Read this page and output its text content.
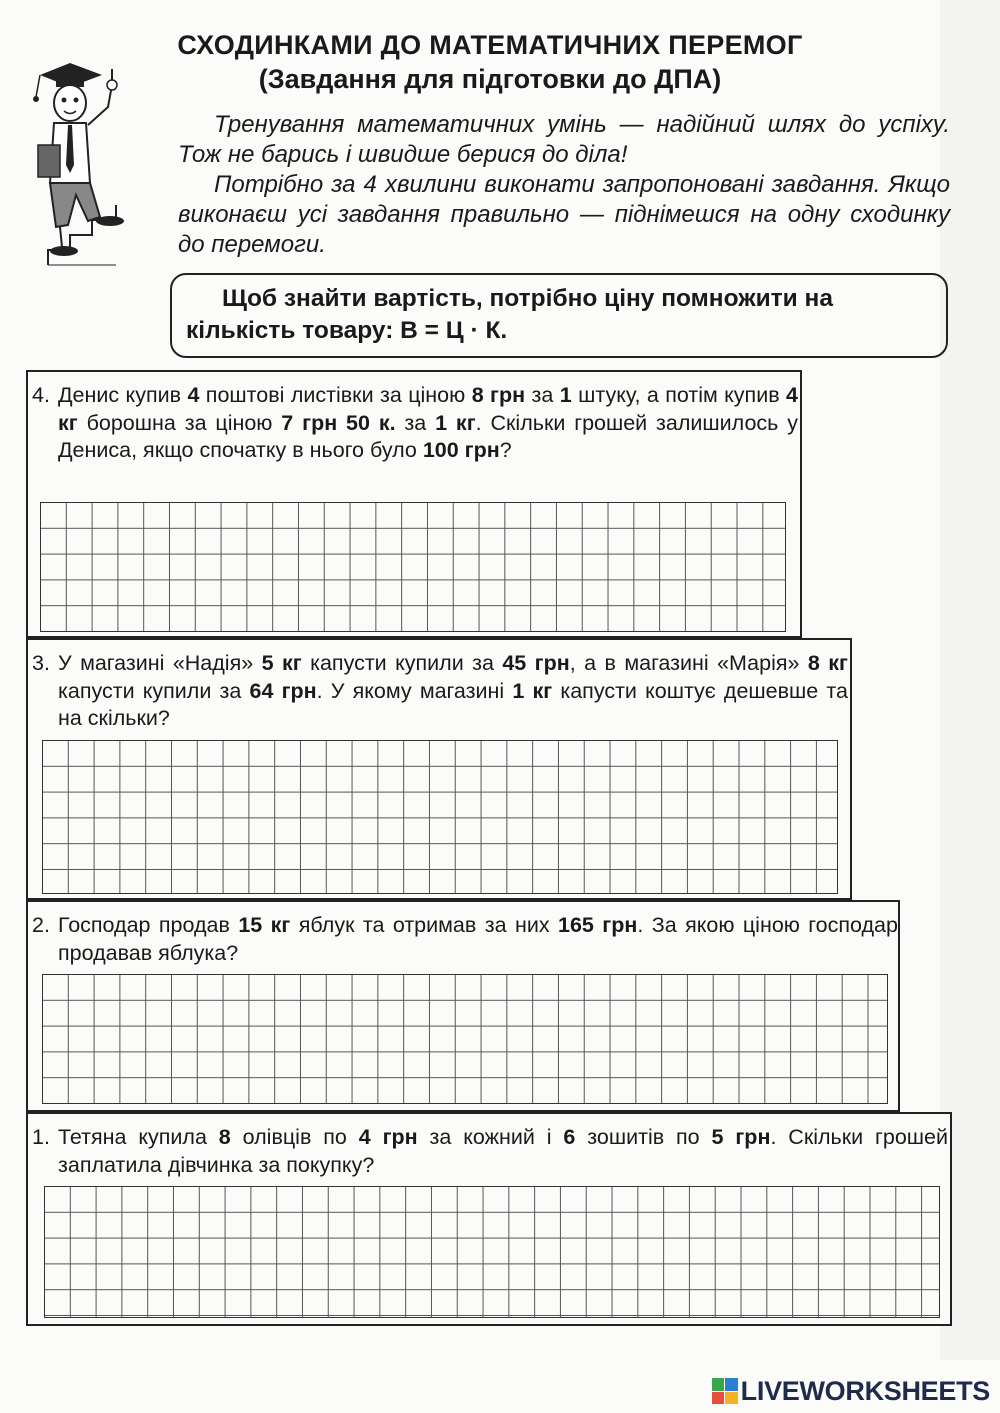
СХОДИНКАМИ ДО МАТЕМАТИЧНИХ ПЕРЕМОГ
(Завдання для підготовки до ДПА)

Тренування математичних умінь — надійний шлях до успіху. Тож не барись і швидше берися до діла!

Потрібно за 4 хвилини виконати запропоновані завдання. Якщо виконаєш усі завдання правильно — піднімешся на одну сходинку до перемоги.

Щоб знайти вартість, потрібно ціну помножити на кількість товару: В = Ц · К.

4. Денис купив 4 поштові листівки за ціною 8 грн за 1 штуку, а потім купив 4 кг борошна за ціною 7 грн 50 к. за 1 кг. Скільки грошей залишилось у Дениса, якщо спочатку в нього було 100 грн?
3. У магазині «Надія» 5 кг капусти купили за 45 грн, а в магазині «Марія» 8 кг капусти купили за 64 грн. У якому магазині 1 кг капусти коштує дешевше та на скільки?
2. Господар продав 15 кг яблук та отримав за них 165 грн. За якою ціною господар продавав яблука?
1. Тетяна купила 8 олівців по 4 грн за кожний і 6 зошитів по 5 грн. Скільки грошей заплатила дівчинка за покупку?
LIVEWORKSHEETS
